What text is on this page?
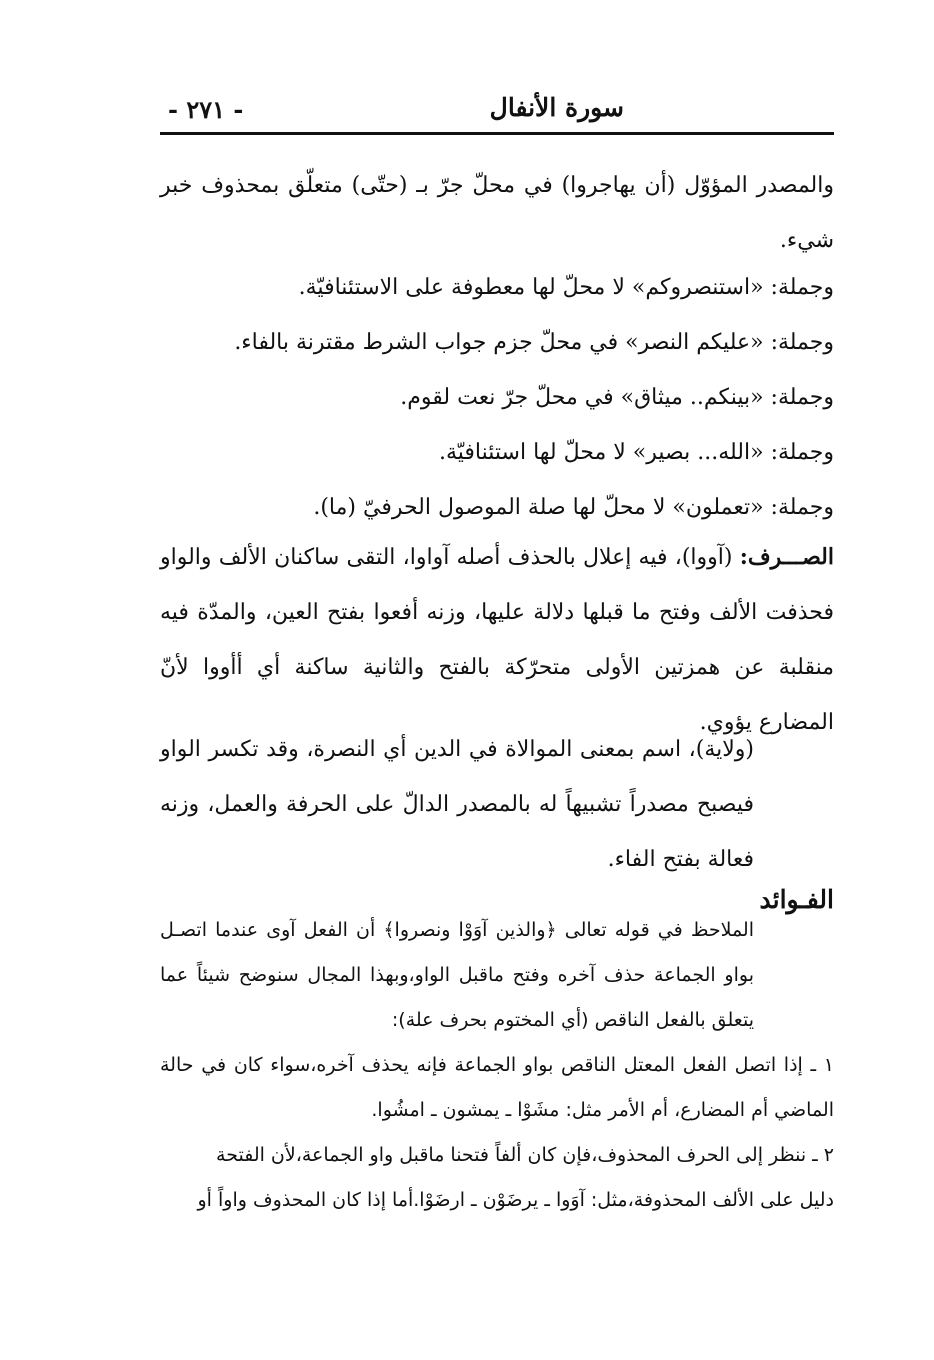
سورة الأنفال
- ٢٧١ -

والمصدر المؤوّل (أن يهاجروا) في محلّ جرّ بـ (حتّى) متعلّق بمحذوف خبر شيء.

وجملة: «استنصروكم» لا محلّ لها معطوفة على الاستئنافيّة.

وجملة: «عليكم النصر» في محلّ جزم جواب الشرط مقترنة بالفاء.

وجملة: «بينكم.. ميثاق» في محلّ جرّ نعت لقوم.

وجملة: «الله... بصير» لا محلّ لها استئنافيّة.

وجملة: «تعملون» لا محلّ لها صلة الموصول الحرفيّ (ما).

الصـــرف: (آووا)، فيه إعلال بالحذف أصله آواوا، التقى ساكنان الألف والواو فحذفت الألف وفتح ما قبلها دلالة عليها، وزنه أفعوا بفتح العين، والمدّة فيه منقلبة عن همزتين الأولى متحرّكة بالفتح والثانية ساكنة أي أأووا لأنّ المضارع يؤوي.

(ولاية)، اسم بمعنى الموالاة في الدين أي النصرة، وقد تكسر الواو فيصبح مصدراً تشبيهاً له بالمصدر الدالّ على الحرفة والعمل، وزنه فعالة بفتح الفاء.

الفـوائد

الملاحظ في قوله تعالى ﴿والذين آوَوْا ونصروا﴾ أن الفعل آوى عندما اتصـل بواو الجماعة حذف آخره وفتح ماقبل الواو،وبهذا المجال سنوضح شيئاً عما يتعلق بالفعل الناقص (أي المختوم بحرف علة):

١ ـ إذا اتصل الفعل المعتل الناقص بواو الجماعة فإنه يحذف آخره،سواء كان في حالة الماضي أم المضارع، أم الأمر مثل: مشَوْا ـ يمشون ـ امشُوا.

٢ ـ ننظر إلى الحرف المحذوف،فإن كان ألفاً فتحنا ماقبل واو الجماعة،لأن الفتحة

دليل على الألف المحذوفة،مثل: آوَوا ـ يرضَوْن ـ ارضَوْا.أما إذا كان المحذوف واواً أو
